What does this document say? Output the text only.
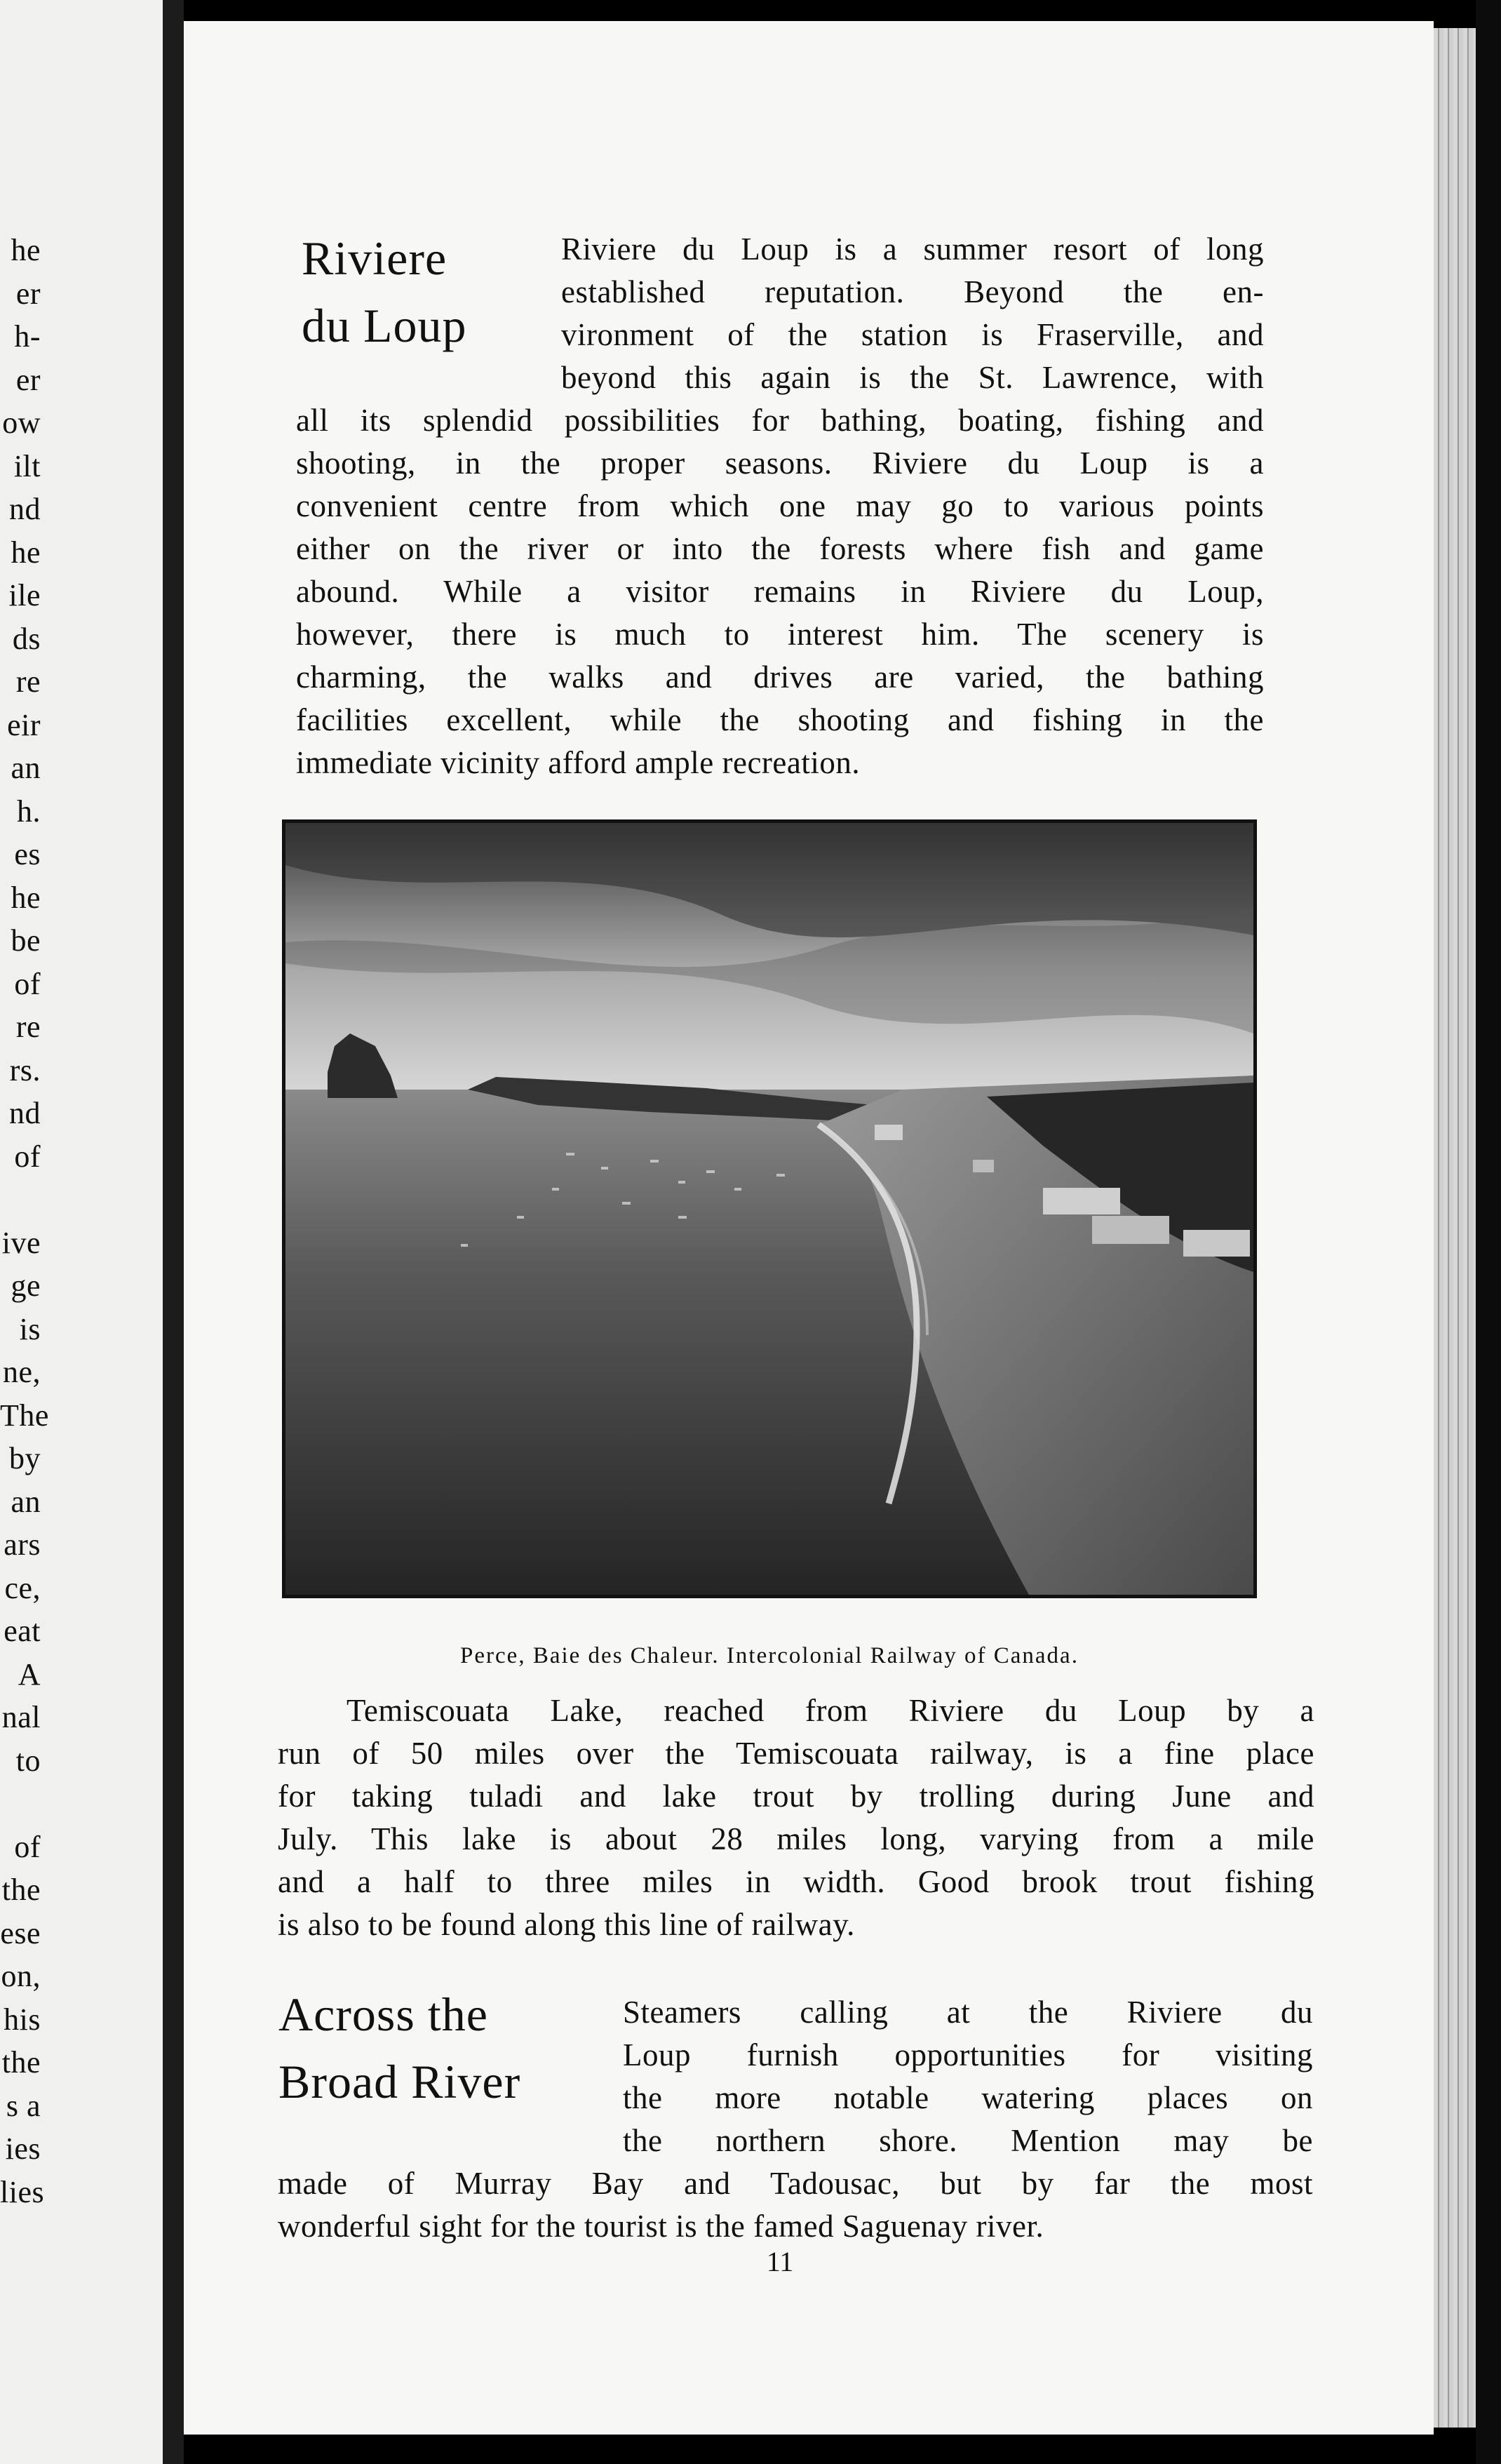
he
er
h-
er
ow
ilt
nd
he
ile
ds
re
eir
an
h.
es
he
be
of
re
rs.
nd
of
ive
ge
is
ne,
The
by
an
ars
ce,
eat
A
nal
to
of
the
ese
on,
his
the
s a
ies
lies
Riviere
du Loup
Riviere du Loup is a summer resort of long
established reputation. Beyond the en-
vironment of the station is Fraserville, and
beyond this again is the St. Lawrence, with
all its splendid possibilities for bathing, boating, fishing and
shooting, in the proper seasons. Riviere du Loup is a
convenient centre from which one may go to various points
either on the river or into the forests where fish and game
abound. While a visitor remains in Riviere du Loup,
however, there is much to interest him. The scenery is
charming, the walks and drives are varied, the bathing
facilities excellent, while the shooting and fishing in the
immediate vicinity afford ample recreation.
Perce, Baie des Chaleur. Intercolonial Railway of Canada.
Temiscouata Lake, reached from Riviere du Loup by a
run of 50 miles over the Temiscouata railway, is a fine place
for taking tuladi and lake trout by trolling during June and
July. This lake is about 28 miles long, varying from a mile
and a half to three miles in width. Good brook trout fishing
is also to be found along this line of railway.
Across the
Broad River
Steamers calling at the Riviere du
Loup furnish opportunities for visiting
the more notable watering places on
the northern shore. Mention may be
made of Murray Bay and Tadousac, but by far the most
wonderful sight for the tourist is the famed Saguenay river.
11
